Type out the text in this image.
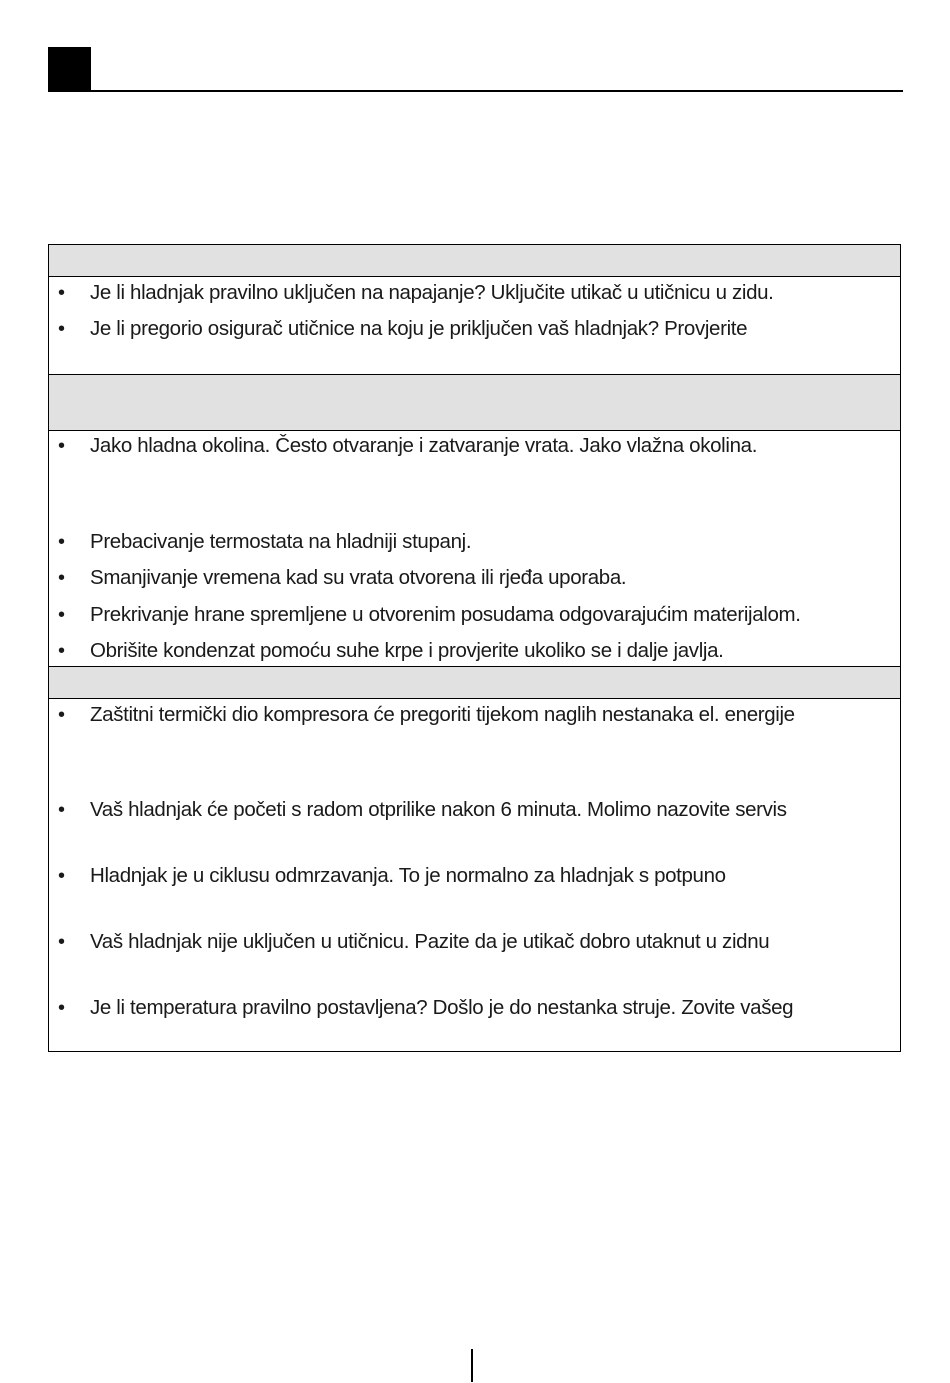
•	Je li hladnjak pravilno uključen na napajanje? Uključite utikač u utičnicu u zidu.
•	Je li pregorio osigurač utičnice na koju je priključen vaš hladnjak? Provjerite
•	Jako hladna okolina. Često otvaranje i zatvaranje vrata. Jako vlažna okolina.
•	Prebacivanje termostata na hladniji stupanj.
•	Smanjivanje vremena kad su vrata otvorena ili rjeđa uporaba.
•	Prekrivanje hrane spremljene u otvorenim posudama odgovarajućim materijalom.
•	Obrišite kondenzat pomoću suhe krpe i provjerite ukoliko se i dalje javlja.
•	Zaštitni termički dio kompresora će pregoriti tijekom naglih nestanaka el. energije
•	Vaš hladnjak će početi s radom otprilike nakon 6 minuta. Molimo nazovite servis
•	Hladnjak je u ciklusu odmrzavanja. To je normalno za hladnjak s potpuno
•	Vaš hladnjak nije uključen u utičnicu. Pazite da je utikač dobro utaknut u zidnu
•	Je li temperatura pravilno postavljena? Došlo je do nestanka struje. Zovite vašeg
